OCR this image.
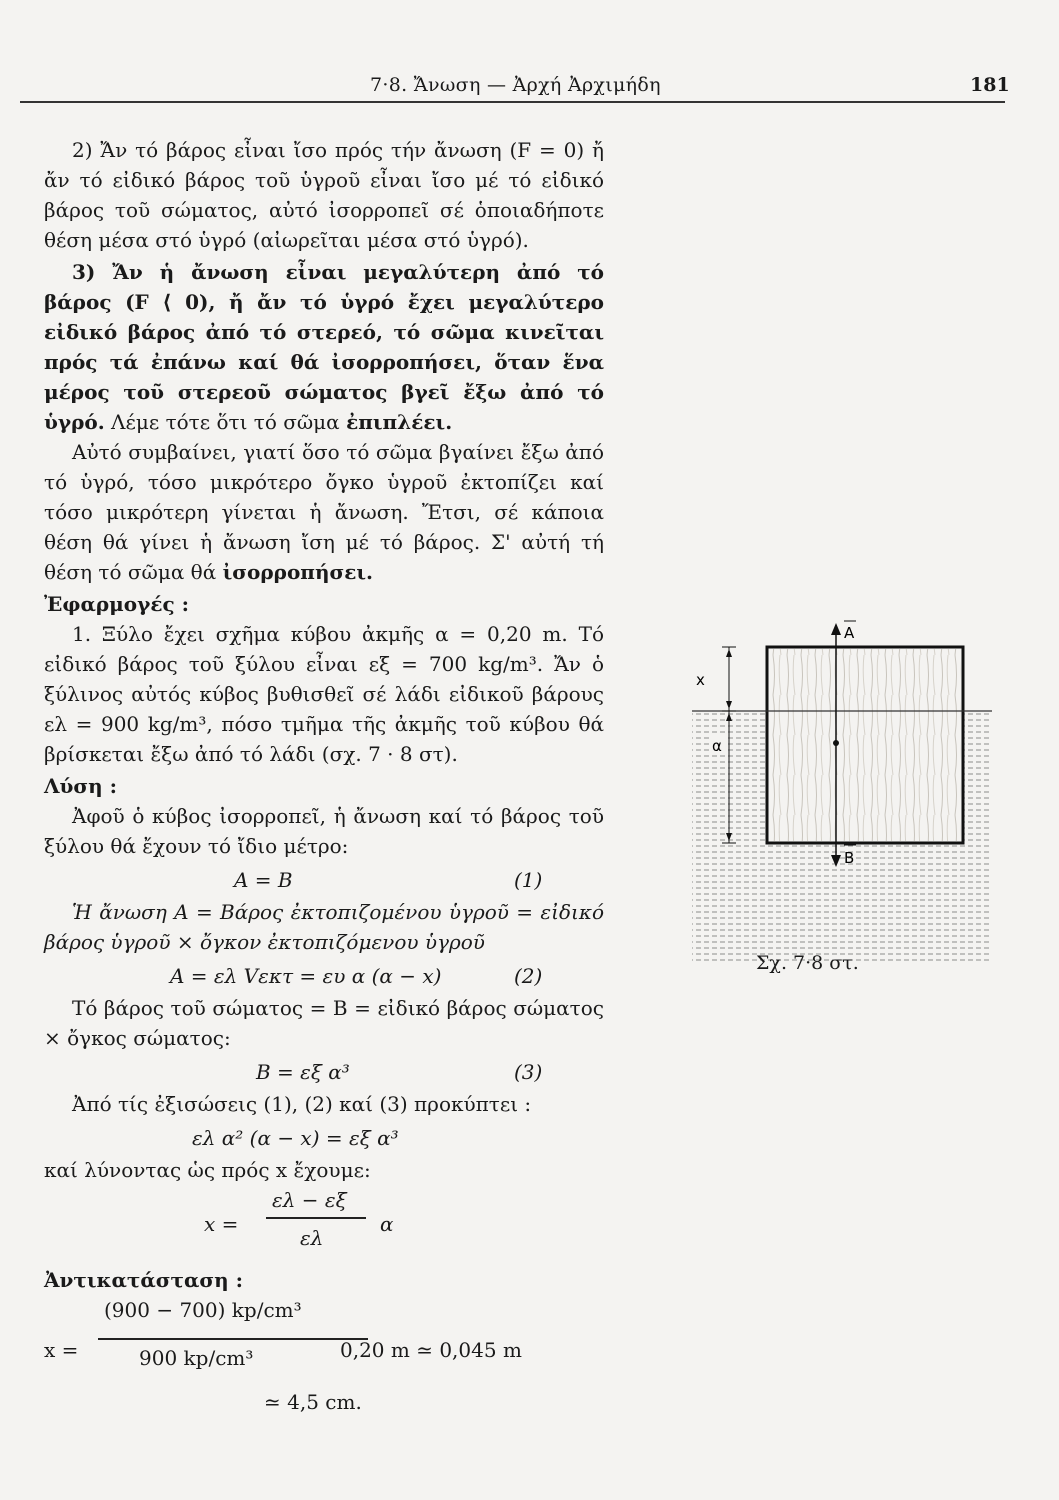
7·8. Ἄνωση — Ἀρχή Ἀρχιμήδη	181

2) Ἄν τό βάρος εἶναι ἴσο πρός τήν ἄνωση (F = 0) ἤ ἄν τό εἰδικό βάρος τοῦ ὑγροῦ εἶναι ἴσο μέ τό εἰδικό βάρος τοῦ σώματος, αὐτό ἰσορροπεῖ σέ ὁποιαδήποτε θέση μέσα στό ὑγρό (αἰωρεῖται μέσα στό ὑγρό).

3) Ἄν ἡ ἄνωση εἶναι μεγαλύτερη ἀπό τό βάρος (F ⟨ 0), ἤ ἄν τό ὑγρό ἔχει μεγαλύτερο εἰδικό βάρος ἀπό τό στερεό, τό σῶμα κινεῖται πρός τά ἐπάνω καί θά ἰσορροπήσει, ὅταν ἕνα μέρος τοῦ στερεοῦ σώματος βγεῖ ἔξω ἀπό τό ὑγρό. Λέμε τότε ὅτι τό σῶμα ἐπιπλέει.

Αὐτό συμβαίνει, γιατί ὅσο τό σῶμα βγαίνει ἔξω ἀπό τό ὑγρό, τόσο μικρότερο ὄγκο ὑγροῦ ἐκτοπίζει καί τόσο μικρότερη γίνεται ἡ ἄνωση. Ἔτσι, σέ κάποια θέση θά γίνει ἡ ἄνωση ἴση μέ τό βάρος. Σ' αὐτή τή θέση τό σῶμα θά ἰσορροπήσει.

Ἐφαρμογές :

1. Ξύλο ἔχει σχῆμα κύβου ἀκμῆς α = 0,20 m. Τό εἰδικό βάρος τοῦ ξύλου εἶναι εξ = 700 kg/m³. Ἄν ὁ ξύλινος αὐτός κύβος βυθισθεῖ σέ λάδι εἰδικοῦ βάρους ελ = 900 kg/m³, πόσο τμῆμα τῆς ἀκμῆς τοῦ κύβου θά βρίσκεται ἔξω ἀπό τό λάδι (σχ. 7 · 8 στ).

Λύση :

Ἀφοῦ ὁ κύβος ἰσορροπεῖ, ἡ ἄνωση καί τό βάρος τοῦ ξύλου θά ἔχουν τό ἴδιο μέτρο:

A = B	(1)

Ἡ ἄνωση A = Βάρος ἐκτοπιζομένου ὑγροῦ = εἰδικό βάρος ὑγροῦ × ὄγκον ἐκτοπιζόμενου ὑγροῦ

A = ελ Vεκτ = ευ α (α − x)	(2)

Τό βάρος τοῦ σώματος = B = εἰδικό βάρος σώματος × ὄγκος σώματος:

B = εξ α³	(3)

Ἀπό τίς ἐξισώσεις (1), (2) καί (3) προκύπτει :

ελ α² (α − x) = εξ α³

καί λύνοντας ὡς πρός x ἔχουμε:

x =
ελ − εξ
ελ
α

Ἀντικατάσταση :

x =
(900 − 700) kp/cm³
900 kp/cm³	0,20 m ≃ 0,045 m
≃ 4,5 cm.
A
B
x
α
Σχ. 7·8 στ.
